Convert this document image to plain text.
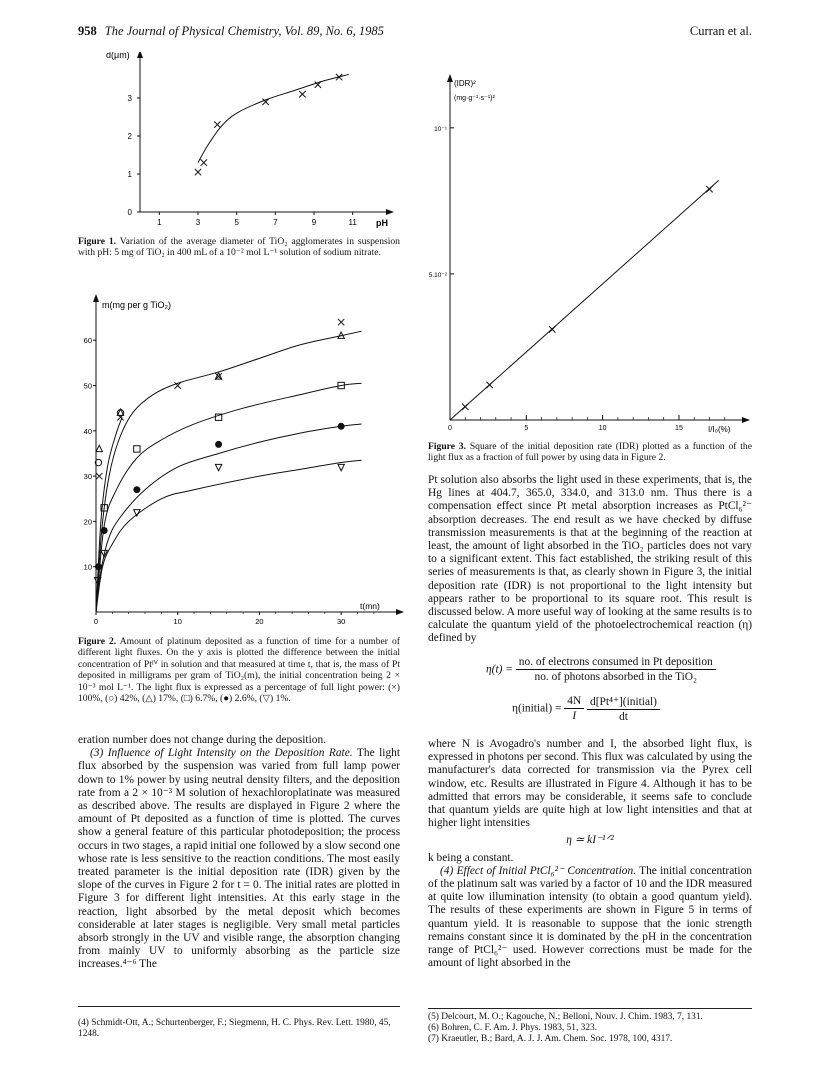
958 The Journal of Physical Chemistry, Vol. 89, No. 6, 1985	Curran et al.
1	3	5	7	9	11
0
1
2
3
pH
d(μm)
Figure 1. Variation of the average diameter of TiO₂ agglomerates in suspension with pH: 5 mg of TiO₂ in 400 mL of a 10⁻² mol L⁻¹ solution of sodium nitrate.
0	10	20	30
10
20
30
40
50
60
t(mn)
m(mg per g TiO₂)
Figure 2. Amount of platinum deposited as a function of time for a number of different light fluxes. On the y axis is plotted the difference between the initial concentration of Ptᴵⱽ in solution and that measured at time t, that is, the mass of Pt deposited in milligrams per gram of TiO₂(m), the initial concentration being 2 × 10⁻³ mol L⁻¹. The light flux is expressed as a percentage of full light power: (×) 100%, (○) 42%, (△) 17%, (□) 6.7%, (●) 2.6%, (▽) 1%.

eration number does not change during the deposition.

(3) Influence of Light Intensity on the Deposition Rate. The light flux absorbed by the suspension was varied from full lamp power down to 1% power by using neutral density filters, and the deposition rate from a 2 × 10⁻³ M solution of hexachloroplatinate was measured as described above. The results are displayed in Figure 2 where the amount of Pt deposited as a function of time is plotted. The curves show a general feature of this particular photodeposition; the process occurs in two stages, a rapid initial one followed by a slow second one whose rate is less sensitive to the reaction conditions. The most easily treated parameter is the initial deposition rate (IDR) given by the slope of the curves in Figure 2 for t = 0. The initial rates are plotted in Figure 3 for different light intensities. At this early stage in the reaction, light absorbed by the metal deposit which becomes considerable at later stages is negligible. Very small metal particles absorb strongly in the UV and visible range, the absorption changing from mainly UV to uniformly absorbing as the particle size increases.⁴⁻⁶ The

(4) Schmidt-Ott, A.; Schurtenberger, F.; Siegmenn, H. C. Phys. Rev. Lett. 1980, 45, 1248.
0	5	10	15
5.10⁻²
10⁻¹
(IDR)²
(mg·g⁻¹·s⁻¹)²
I/I₀(%)
Figure 3. Square of the initial deposition rate (IDR) plotted as a function of the light flux as a fraction of full power by using data in Figure 2.

Pt solution also absorbs the light used in these experiments, that is, the Hg lines at 404.7, 365.0, 334.0, and 313.0 nm. Thus there is a compensation effect since Pt metal absorption increases as PtCl₆²⁻ absorption decreases. The end result as we have checked by diffuse transmission measurements is that at the beginning of the reaction at least, the amount of light absorbed in the TiO₂ particles does not vary to a significant extent. This fact established, the striking result of this series of measurements is that, as clearly shown in Figure 3, the initial deposition rate (IDR) is not proportional to the light intensity but appears rather to be proportional to its square root. This result is discussed below. A more useful way of looking at the same results is to calculate the quantum yield of the photoelectrochemical reaction (η) defined by

$\eta(t) = \frac{\text{no. of electrons consumed in Pt deposition}}{\text{no. of photons absorbed in the TiO₂}}$
η(initial) = $\frac{4N}{I}$
$\frac{\text{d[Pt⁴⁺](initial)}}{dt}$

where N is Avogadro's number and I, the absorbed light flux, is expressed in photons per second. This flux was calculated by using the manufacturer's data corrected for transmission via the Pyrex cell window, etc. Results are illustrated in Figure 4. Although it has to be admitted that errors may be considerable, it seems safe to conclude that quantum yields are quite high at low light intensities and that at higher light intensities

η ≃ kI⁻¹ᐟ²

k being a constant.

(4) Effect of Initial PtCl₆²⁻ Concentration. The initial concentration of the platinum salt was varied by a factor of 10 and the IDR measured at quite low illumination intensity (to obtain a good quantum yield). The results of these experiments are shown in Figure 5 in terms of quantum yield. It is reasonable to suppose that the ionic strength remains constant since it is dominated by the pH in the concentration range of PtCl₆²⁻ used. However corrections must be made for the amount of light absorbed in the

(5) Delcourt, M. O.; Kagouche, N.; Belloni, Nouv. J. Chim. 1983, 7, 131.
(6) Bohren, C. F. Am. J. Phys. 1983, 51, 323.
(7) Kraeutler, B.; Bard, A. J. J. Am. Chem. Soc. 1978, 100, 4317.
